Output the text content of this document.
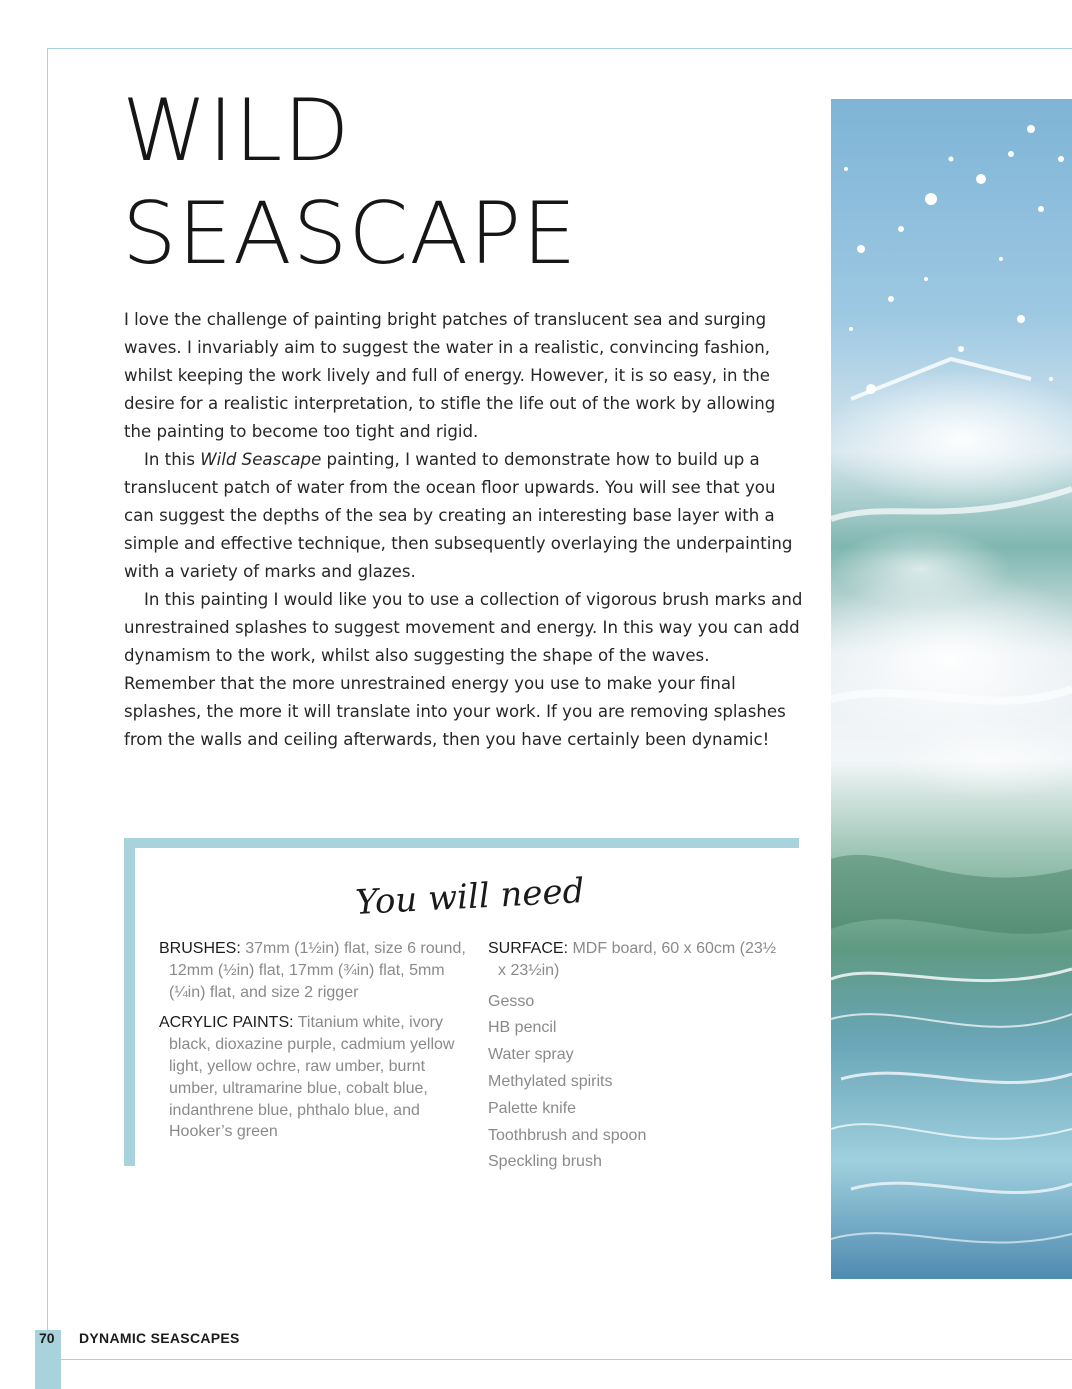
WILD
SEASCAPE

I love the challenge of painting bright patches of translucent sea and surging waves. I invariably aim to suggest the water in a realistic, convincing fashion, whilst keeping the work lively and full of energy. However, it is so easy, in the desire for a realistic interpretation, to stifle the life out of the work by allowing the painting to become too tight and rigid.

In this Wild Seascape painting, I wanted to demonstrate how to build up a translucent patch of water from the ocean floor upwards. You will see that you can suggest the depths of the sea by creating an interesting base layer with a simple and effective technique, then subsequently overlaying the underpainting with a variety of marks and glazes.

In this painting I would like you to use a collection of vigorous brush marks and unrestrained splashes to suggest movement and energy. In this way you can add dynamism to the work, whilst also suggesting the shape of the waves. Remember that the more unrestrained energy you use to make your final splashes, the more it will translate into your work. If you are removing splashes from the walls and ceiling afterwards, then you have certainly been dynamic!

You will need

BRUSHES: 37mm (1½in) flat, size 6 round, 12mm (½in) flat, 17mm (¾in) flat, 5mm (¼in) flat, and size 2 rigger

ACRYLIC PAINTS: Titanium white, ivory black, dioxazine purple, cadmium yellow light, yellow ochre, raw umber, burnt umber, ultramarine blue, cobalt blue, indanthrene blue, phthalo blue, and Hooker’s green

SURFACE: MDF board, 60 x 60cm (23½ x 23½in)

Gesso

HB pencil

Water spray

Methylated spirits

Palette knife

Toothbrush and spoon

Speckling brush

70 DYNAMIC SEASCAPES
